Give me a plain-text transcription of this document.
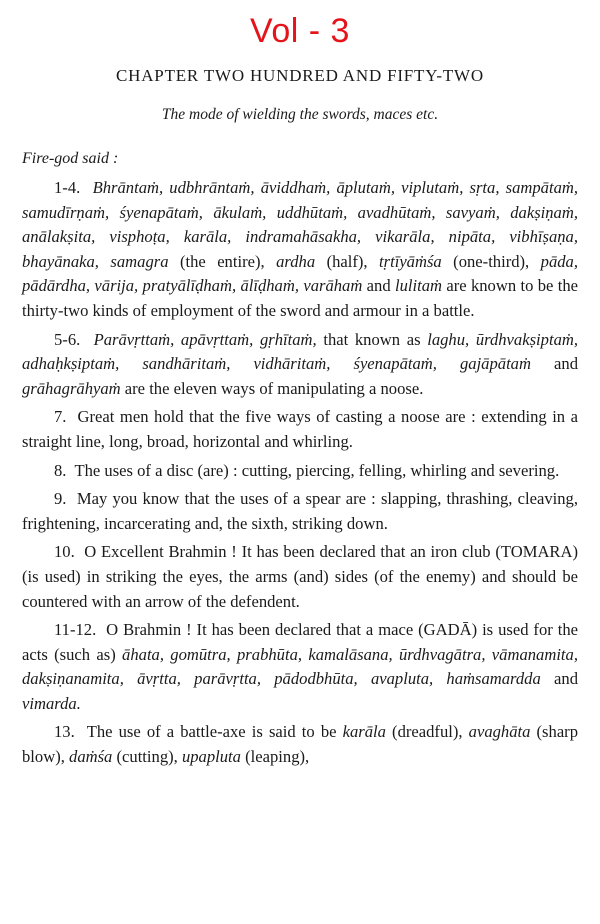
Vol - 3
CHAPTER TWO HUNDRED AND FIFTY-TWO
The mode of wielding the swords, maces etc.
Fire-god said :

1-4. Bhrāntaṁ, udbhrāntaṁ, āviddhaṁ, āplutaṁ, viplutaṁ, sṛta, sampātaṁ, samudīrṇaṁ, śyenapātaṁ, ākulaṁ, uddhūtaṁ, avadhūtaṁ, savyaṁ, dakṣiṇaṁ, anālakṣita, visphoṭa, karāla, indramahāsakha, vikarāla, nipāta, vibhīṣaṇa, bhayānaka, samagra (the entire), ardha (half), tṛtīyāṁśa (one-third), pāda, pādārdha, vārija, pratyālīḍhaṁ, ālīḍhaṁ, varāhaṁ and lulitaṁ are known to be the thirty-two kinds of employment of the sword and armour in a battle.

5-6. Parāvṛttaṁ, apāvṛttaṁ, gṛhītaṁ, that known as laghu, ūrdhvakṣiptaṁ, adhaḥkṣiptaṁ, sandhāritaṁ, vidhāritaṁ, śyenapātaṁ, gajāpātaṁ and grāhagrāhyaṁ are the eleven ways of manipulating a noose.

7. Great men hold that the five ways of casting a noose are : extending in a straight line, long, broad, horizontal and whirling.

8. The uses of a disc (are) : cutting, piercing, felling, whirling and severing.

9. May you know that the uses of a spear are : slapping, thrashing, cleaving, frightening, incarcerating and, the sixth, striking down.

10. O Excellent Brahmin ! It has been declared that an iron club (TOMARA) (is used) in striking the eyes, the arms (and) sides (of the enemy) and should be countered with an arrow of the defendent.

11-12. O Brahmin ! It has been declared that a mace (GADĀ) is used for the acts (such as) āhata, gomūtra, prabhūta, kamalāsana, ūrdhvagātra, vāmanamita, dakṣiṇanamita, āvṛtta, parāvṛtta, pādodbhūta, avapluta, haṁsamardda and vimarda.

13. The use of a battle-axe is said to be karāla (dreadful), avaghāta (sharp blow), daṁśa (cutting), upapluta (leaping),
